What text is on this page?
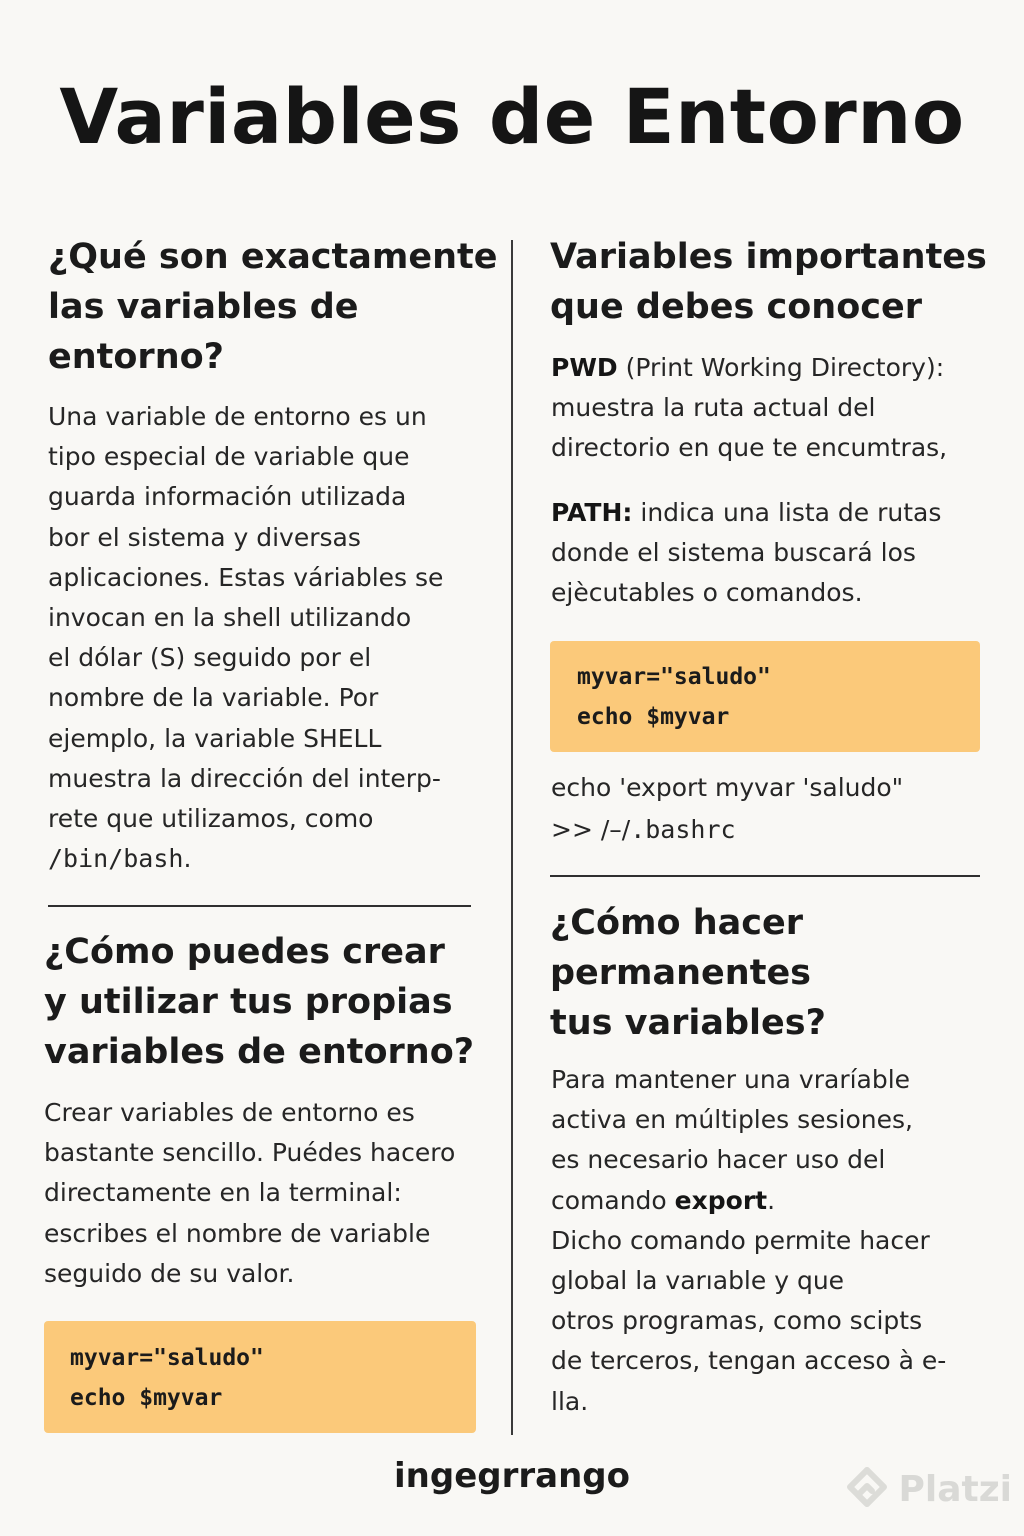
Variables de Entorno
¿Qué son exactamente
las variables de
entorno?
Una variable de entorno es un
tipo especial de variable que
guarda información utilizada
bor el sistema y diversas
aplicaciones. Estas váriables se
invocan en la shell utilizando
el dólar (S) seguido por el
nombre de la variable. Por
ejemplo, la variable SHELL
muestra la dirección del interp-
rete que utilizamos, como
/bin/bash.
¿Cómo puedes crear
y utilizar tus propias
variables de entorno?
Crear variables de entorno es
bastante sencillo. Puédes hacero
directamente en la terminal:
escribes el nombre de variable
seguido de su valor.
myvar="saludo"
echo $myvar
Variables importantes
que debes conocer
PWD (Print Working Directory):
muestra la ruta actual del
directorio en que te encumtras,
PATH: indica una lista de rutas
donde el sistema buscará los
ejècutables o comandos.
myvar="saludo"
echo $myvar
echo 'export myvar 'saludo"
>> /–/.bashrc
¿Cómo hacer
permanentes
tus variables?
Para mantener una vraríable
activa en múltiples sesiones,
es necesario hacer uso del
comando export.
Dicho comando permite hacer
global la varıable y que
otros programas, como scipts
de terceros, tengan acceso à e-
lla.
ingegrrango	Platzi
